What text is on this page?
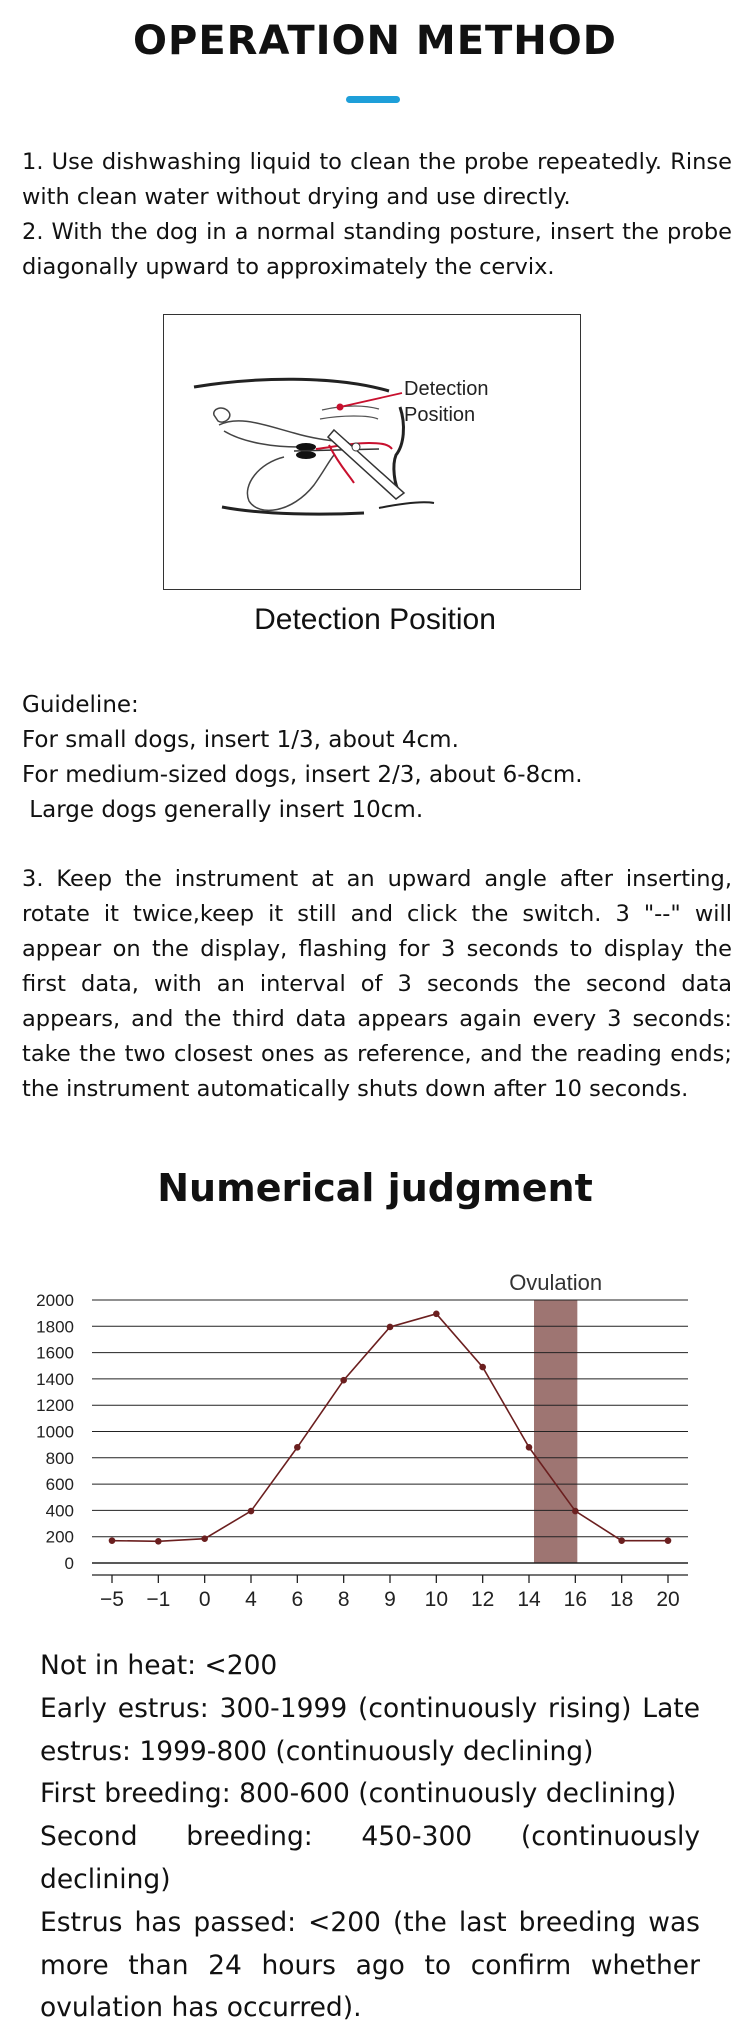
OPERATION METHOD
1. Use dishwashing liquid to clean the probe repeatedly. Rinse with clean water without drying and use directly.
2. With the dog in a normal standing posture, insert the probe diagonally upward to approximately the cervix.
Detection
Position
Detection Position
Guideline:
For small dogs, insert 1/3, about 4cm.
For medium-sized dogs, insert 2/3, about 6-8cm.
Large dogs generally insert 10cm.
3. Keep the instrument at an upward angle after inserting, rotate it twice,keep it still and click the switch. 3 "--" will appear on the display, flashing for 3 seconds to display the first data, with an interval of 3 seconds the second data appears, and the third data appears again every 3 seconds: take the two closest ones as reference, and the reading ends; the instrument automatically shuts down after 10 seconds.
Numerical judgment
Ovulation
0
200
400
600
800
1000
1200
1400
1600
1800
2000
−5 −1 0 4 6 8 9 10 12 14 16 18 20
Not in heat: <200
Early estrus: 300-1999 (continuously rising) Late estrus: 1999-800 (continuously declining)
First breeding: 800-600 (continuously declining)
Second breeding: 450-300 (continuously declining)
Estrus has passed: <200 (the last breeding was more than 24 hours ago to confirm whether ovulation has occurred).
